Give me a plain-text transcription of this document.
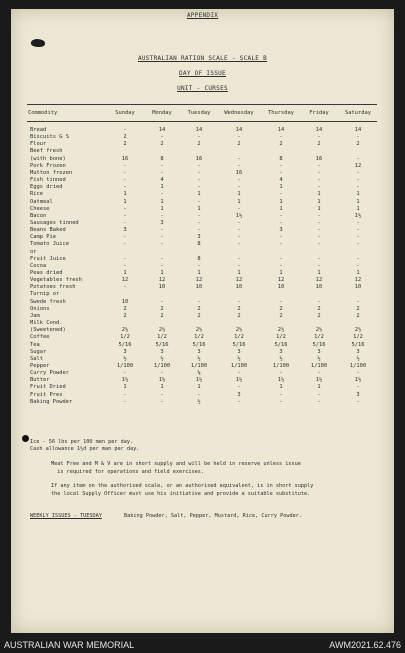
APPENDIX
AUSTRALIAN RATION SCALE - SCALE B
DAY OF ISSUE
UNIT - CURSES
Commodity	Sunday	Monday	Tuesday	Wednesday	Thursday	Friday	Saturday
Bread	-	14	14	14	14	14	14
Biscuits G S	2	-	-	-	-	-	-
Flour	2	2	2	2	2	2	2
Beef fresh
(with bone)	16	8	16	-	8	16	-
Pork Frozen	-	-	-	-	-	-	12
Mutton frozen	-	-	-	16	-	-	-
Fish tinned	-	4	-	-	4	-	-
Eggs dried	-	1	-	-	1	-	-
Rice	1	-	1	1	-	1	1
Oatmeal	1	1	-	1	1	1	1
Cheese	-	1	1	-	1	1	1
Bacon	-	-	-	1½	-	-	1½
Sausages tinned	-	3	-	-	-	-	-
Beans Baked	3	-	-	-	3	-	-
Camp Pie	-	-	3	-	-	-	-
Tomato Juice	-	-	8	-	-	-	-
or
Fruit Juice	-	-	8	-	-	-	-
Cocoa	-	-	-	-	-	-	-
Peas dried	1	1	1	1	1	1	1
Vegetables fresh	12	12	12	12	12	12	12
Potatoes fresh	-	10	10	10	10	10	10
Turnip or
Swede fresh	10	-	-	-	-	-	-
Onions	2	2	2	2	2	2	2
Jam	2	2	2	2	2	2	2
Milk Cond.
(Sweetened)	2½	2½	2½	2½	2½	2½	2½
Coffee	1/2	1/2	1/2	1/2	1/2	1/2	1/2
Tea	5/16	5/16	5/16	5/16	5/16	5/16	5/16
Sugar	3	3	3	3	3	3	3
Salt	½	½	½	½	½	½	½
Pepper	1/100	1/100	1/100	1/100	1/100	1/100	1/100
Curry Powder	-	-	⅛	-	-	-	-
Butter	1½	1½	1½	1½	1½	1½	1½
Fruit Dried	1	1	1	-	1	1	-
Fruit Pres	-	-	-	3	-	-	3
Baking Powder	-	-	½	-	-	-	-
Ice - 56 lbs per 100 men per day.
Cash allowance 1¼d per man per day.
Meat Free and M & V are in short supply and will be held in reserve unless issue
is required for operations and field exercises.
If any item on the authorised scale, or an authorised equivalent, is in short supply
the local Supply Officer must use his initiative and provide a suitable substitute.
WEEKLY ISSUES - TUESDAY	Baking Powder, Salt, Pepper, Mustard, Rice, Curry Powder.
AUSTRALIAN WAR MEMORIAL	AWM2021.62.476
